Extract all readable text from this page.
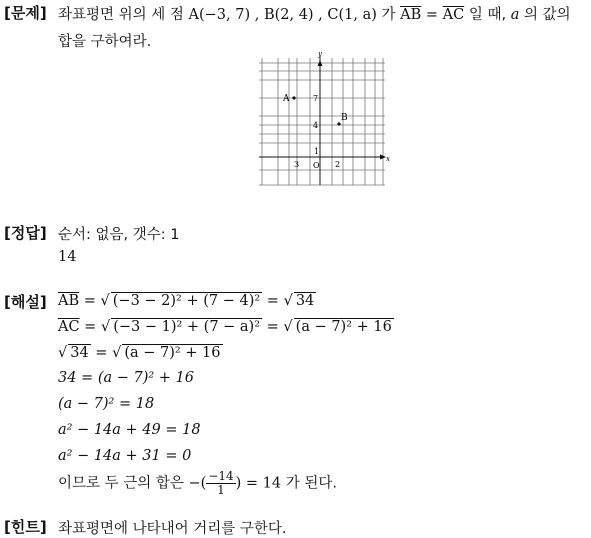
[문제] 좌표평면 위의 세 점 A(−3, 7) , B(2, 4) , C(1, a) 가 $\overline{AB} = \overline{AC}$ 일 때, a 의 값의
합을 구하여라.
y
x
A
B
7
4
1
3 O 2
[정답] 순서: 없음, 갯수: 1
14
[해설] $\overline{AB}$ = √ (−3 − 2)² + (7 − 4)² = √ 34
$\overline{AC}$ = √ (−3 − 1)² + (7 − a)² = √ (a − 7)² + 16
√ 34 = √ (a − 7)² + 16
34 = (a − 7)² + 16
(a − 7)² = 18
a² − 14a + 49 = 18
a² − 14a + 31 = 0
이므로 두 근의 합은 −( $\frac{-14}{1}$ ) = 14 가 된다.
[힌트] 좌표평면에 나타내어 거리를 구한다.
